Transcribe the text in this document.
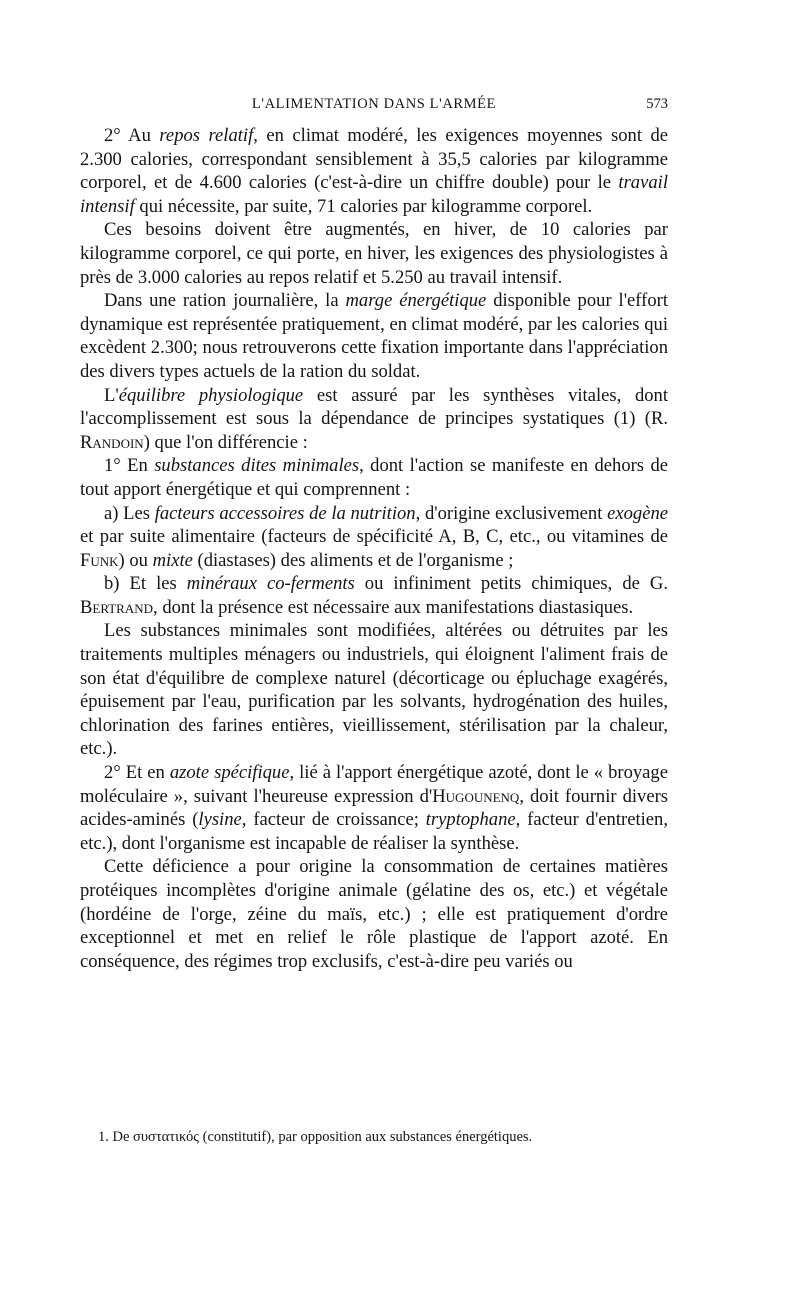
L'ALIMENTATION DANS L'ARMÉE	573

2° Au repos relatif, en climat modéré, les exigences moyennes sont de 2.300 calories, correspondant sensiblement à 35,5 calories par kilogramme corporel, et de 4.600 calories (c'est-à-dire un chiffre double) pour le travail intensif qui nécessite, par suite, 71 calories par kilogramme corporel.

Ces besoins doivent être augmentés, en hiver, de 10 calories par kilogramme corporel, ce qui porte, en hiver, les exigences des physiologistes à près de 3.000 calories au repos relatif et 5.250 au travail intensif.

Dans une ration journalière, la marge énergétique disponible pour l'effort dynamique est représentée pratiquement, en climat modéré, par les calories qui excèdent 2.300; nous retrouverons cette fixation importante dans l'appréciation des divers types actuels de la ration du soldat.

L'équilibre physiologique est assuré par les synthèses vitales, dont l'accomplissement est sous la dépendance de principes systatiques (1) (R. Randoin) que l'on différencie :

1° En substances dites minimales, dont l'action se manifeste en dehors de tout apport énergétique et qui comprennent :

a) Les facteurs accessoires de la nutrition, d'origine exclusivement exogène et par suite alimentaire (facteurs de spécificité A, B, C, etc., ou vitamines de Funk) ou mixte (diastases) des aliments et de l'organisme ;

b) Et les minéraux co-ferments ou infiniment petits chimiques, de G. Bertrand, dont la présence est nécessaire aux manifestations diastasiques.

Les substances minimales sont modifiées, altérées ou détruites par les traitements multiples ménagers ou industriels, qui éloignent l'aliment frais de son état d'équilibre de complexe naturel (décorticage ou épluchage exagérés, épuisement par l'eau, purification par les solvants, hydrogénation des huiles, chlorination des farines entières, vieillissement, stérilisation par la chaleur, etc.).

2° Et en azote spécifique, lié à l'apport énergétique azoté, dont le « broyage moléculaire », suivant l'heureuse expression d'Hugounenq, doit fournir divers acides-aminés (lysine, facteur de croissance; tryptophane, facteur d'entretien, etc.), dont l'organisme est incapable de réaliser la synthèse.

Cette déficience a pour origine la consommation de certaines matières protéiques incomplètes d'origine animale (gélatine des os, etc.) et végétale (hordéine de l'orge, zéine du maïs, etc.) ; elle est pratiquement d'ordre exceptionnel et met en relief le rôle plastique de l'apport azoté. En conséquence, des régimes trop exclusifs, c'est-à-dire peu variés ou

1. De συστατικός (constitutif), par opposition aux substances énergétiques.
